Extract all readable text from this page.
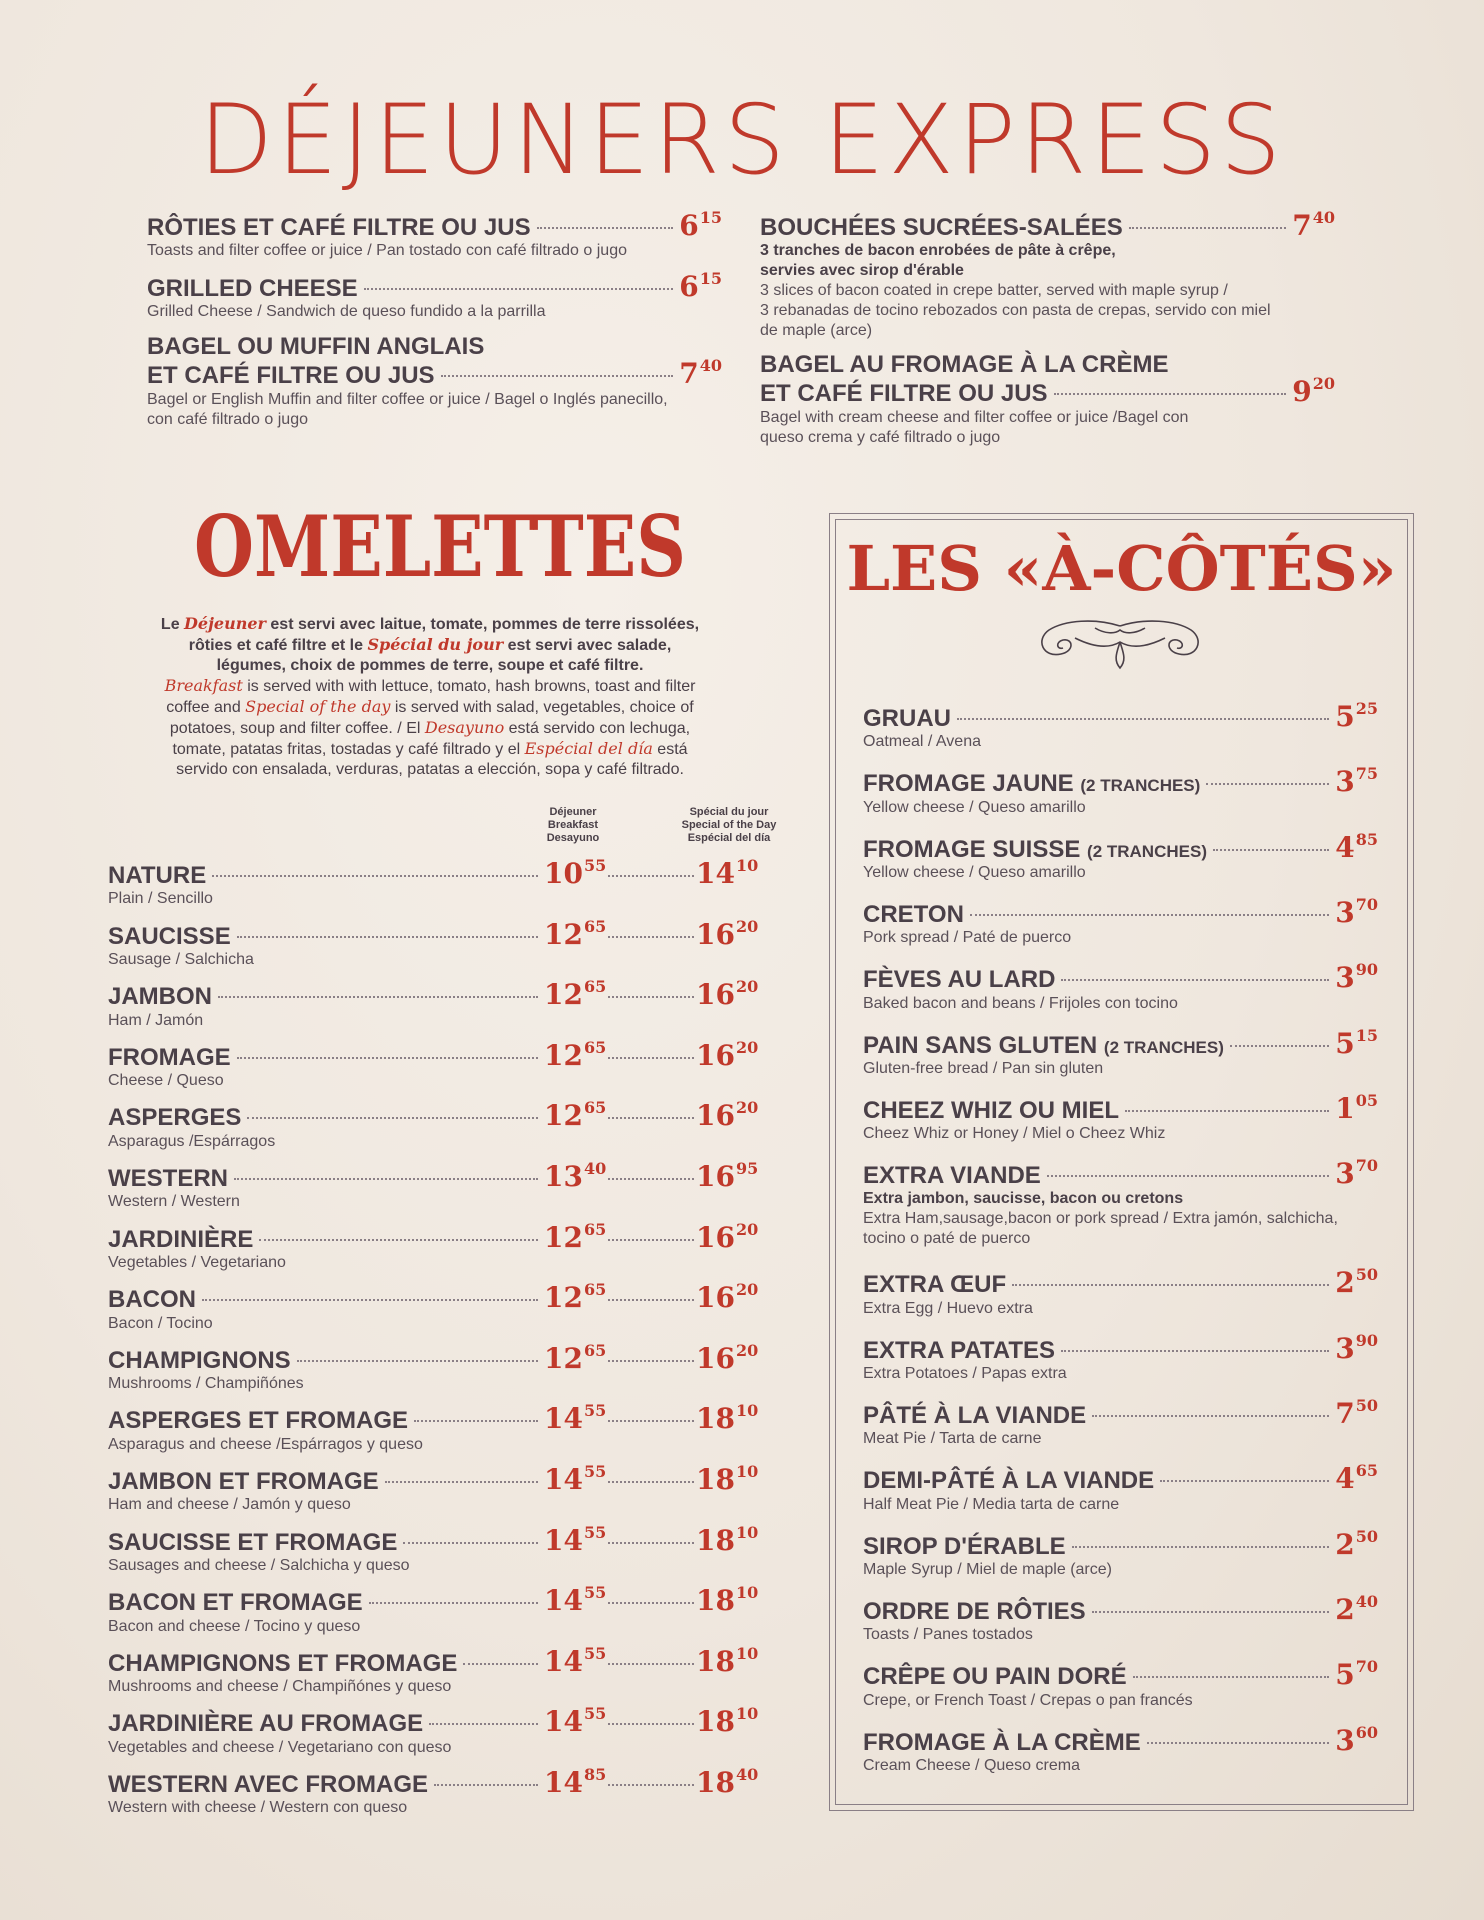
DÉJEUNERS EXPRESS
RÔTIES ET CAFÉ FILTRE OU JUS	$6^{15}$
Toasts and filter coffee or juice / Pan tostado con café filtrado o jugo
GRILLED CHEESE	$6^{15}$
Grilled Cheese / Sandwich de queso fundido a la parrilla
BAGEL OU MUFFIN ANGLAIS
ET CAFÉ FILTRE OU JUS	$7^{40}$
Bagel or English Muffin and filter coffee or juice / Bagel o Inglés panecillo,
con café filtrado o jugo
BOUCHÉES SUCRÉES-SALÉES	$7^{40}$
3 tranches de bacon enrobées de pâte à crêpe,
servies avec sirop d'érable
3 slices of bacon coated in crepe batter, served with maple syrup /
3 rebanadas de tocino rebozados con pasta de crepas, servido con miel
de maple (arce)
BAGEL AU FROMAGE À LA CRÈME
ET CAFÉ FILTRE OU JUS	$9^{20}$
Bagel with cream cheese and filter coffee or juice /Bagel con
queso crema y café filtrado o jugo
OMELETTES
Le Déjeuner est servi avec laitue, tomate, pommes de terre rissolées,
rôties et café filtre et le Spécial du jour est servi avec salade,
légumes, choix de pommes de terre, soupe et café filtre.
Breakfast is served with with lettuce, tomato, hash browns, toast and filter
coffee and Special of the day is served with salad, vegetables, choice of
potatoes, soup and filter coffee. / El Desayuno está servido con lechuga,
tomate, patatas fritas, tostadas y café filtrado y el Espécial del día está
servido con ensalada, verduras, patatas a elección, sopa y café filtrado.
Déjeuner
Breakfast
Desayuno
Spécial du jour
Special of the Day
Espécial del día
NATURE	$10^{55}$	$14^{10}$
Plain / Sencillo
SAUCISSE	$12^{65}$	$16^{20}$
Sausage / Salchicha
JAMBON	$12^{65}$	$16^{20}$
Ham / Jamón
FROMAGE	$12^{65}$	$16^{20}$
Cheese / Queso
ASPERGES	$12^{65}$	$16^{20}$
Asparagus /Espárragos
WESTERN	$13^{40}$	$16^{95}$
Western / Western
JARDINIÈRE	$12^{65}$	$16^{20}$
Vegetables / Vegetariano
BACON	$12^{65}$	$16^{20}$
Bacon / Tocino
CHAMPIGNONS	$12^{65}$	$16^{20}$
Mushrooms / Champiñónes
ASPERGES ET FROMAGE	$14^{55}$	$18^{10}$
Asparagus and cheese /Espárragos y queso
JAMBON ET FROMAGE	$14^{55}$	$18^{10}$
Ham and cheese / Jamón y queso
SAUCISSE ET FROMAGE	$14^{55}$	$18^{10}$
Sausages and cheese / Salchicha y queso
BACON ET FROMAGE	$14^{55}$	$18^{10}$
Bacon and cheese / Tocino y queso
CHAMPIGNONS ET FROMAGE	$14^{55}$	$18^{10}$
Mushrooms and cheese / Champiñónes y queso
JARDINIÈRE AU FROMAGE	$14^{55}$	$18^{10}$
Vegetables and cheese / Vegetariano con queso
WESTERN AVEC FROMAGE	$14^{85}$	$18^{40}$
Western with cheese / Western con queso
LES «À-CÔTÉS»
GRUAU	$5^{25}$
Oatmeal / Avena
FROMAGE JAUNE (2 TRANCHES)	$3^{75}$
Yellow cheese / Queso amarillo
FROMAGE SUISSE (2 TRANCHES)	$4^{85}$
Yellow cheese / Queso amarillo
CRETON	$3^{70}$
Pork spread / Paté de puerco
FÈVES AU LARD	$3^{90}$
Baked bacon and beans / Frijoles con tocino
PAIN SANS GLUTEN (2 TRANCHES)	$5^{15}$
Gluten-free bread / Pan sin gluten
CHEEZ WHIZ OU MIEL	$1^{05}$
Cheez Whiz or Honey / Miel o Cheez Whiz
EXTRA VIANDE	$3^{70}$
Extra jambon, saucisse, bacon ou cretons
Extra Ham,sausage,bacon or pork spread / Extra jamón, salchicha,
tocino o paté de puerco
EXTRA ŒUF	$2^{50}$
Extra Egg / Huevo extra
EXTRA PATATES	$3^{90}$
Extra Potatoes / Papas extra
PÂTÉ À LA VIANDE	$7^{50}$
Meat Pie / Tarta de carne
DEMI-PÂTÉ À LA VIANDE	$4^{65}$
Half Meat Pie / Media tarta de carne
SIROP D'ÉRABLE	$2^{50}$
Maple Syrup / Miel de maple (arce)
ORDRE DE RÔTIES	$2^{40}$
Toasts / Panes tostados
CRÊPE OU PAIN DORÉ	$5^{70}$
Crepe, or French Toast / Crepas o pan francés
FROMAGE À LA CRÈME	$3^{60}$
Cream Cheese / Queso crema
